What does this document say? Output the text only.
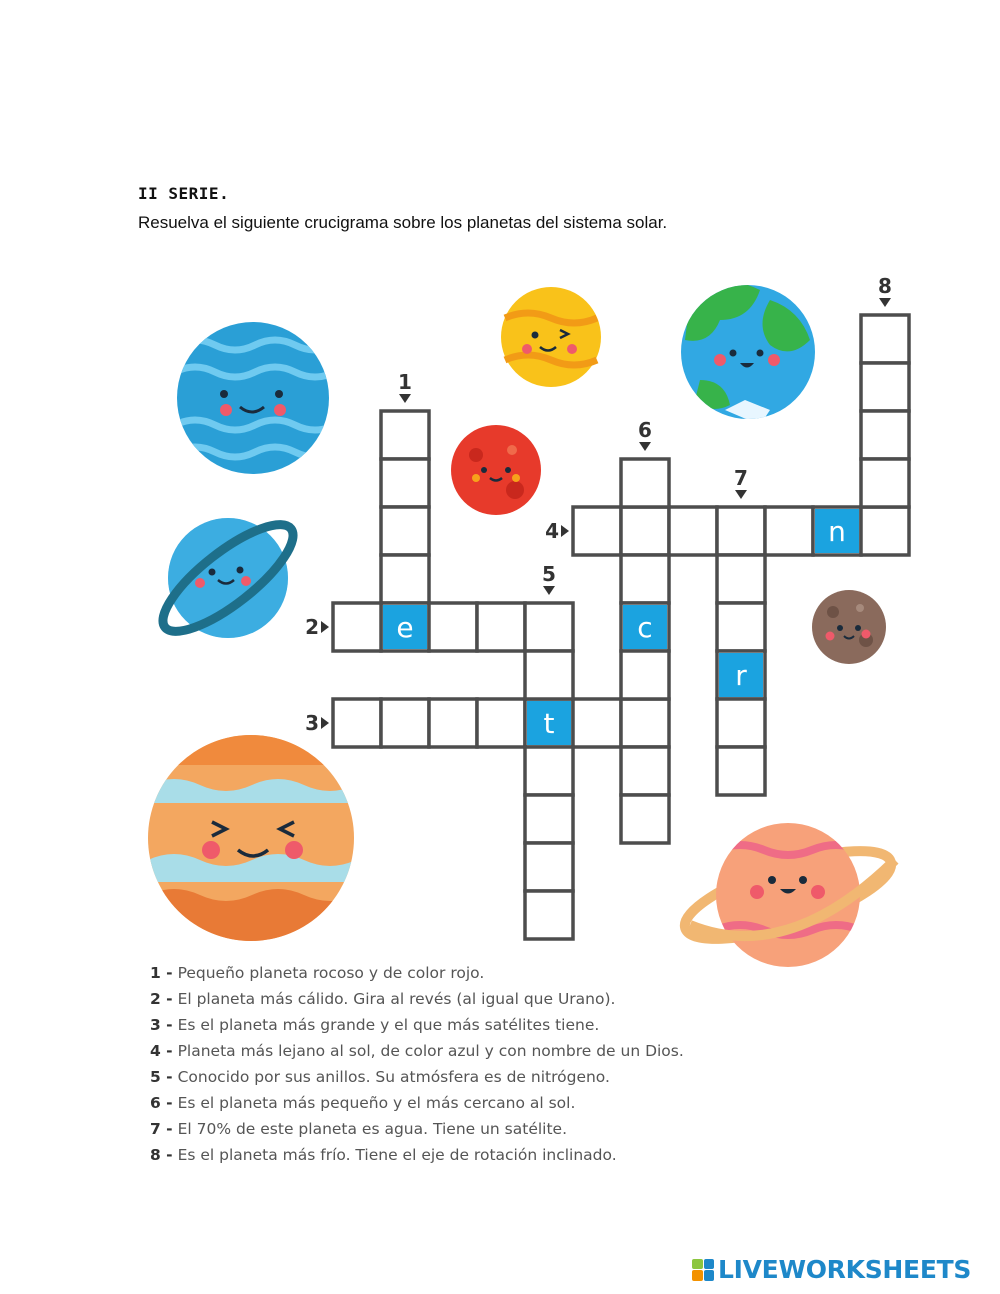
II SERIE.
Resuelva el siguiente crucigrama sobre los planetas del sistema solar.
e
t
c
r
n
1
2
3
4
5
6
7
8
1 - Pequeño planeta rocoso y de color rojo.
2 - El planeta más cálido. Gira al revés (al igual que Urano).
3 - Es el planeta más grande y el que más satélites tiene.
4 - Planeta más lejano al sol, de color azul y con nombre de un Dios.
5 - Conocido por sus anillos. Su atmósfera es de nitrógeno.
6 - Es el planeta más pequeño y el más cercano al sol.
7 - El 70% de este planeta es agua. Tiene un satélite.
8 - Es el planeta más frío. Tiene el eje de rotación inclinado.
LIVEWORKSHEETS
